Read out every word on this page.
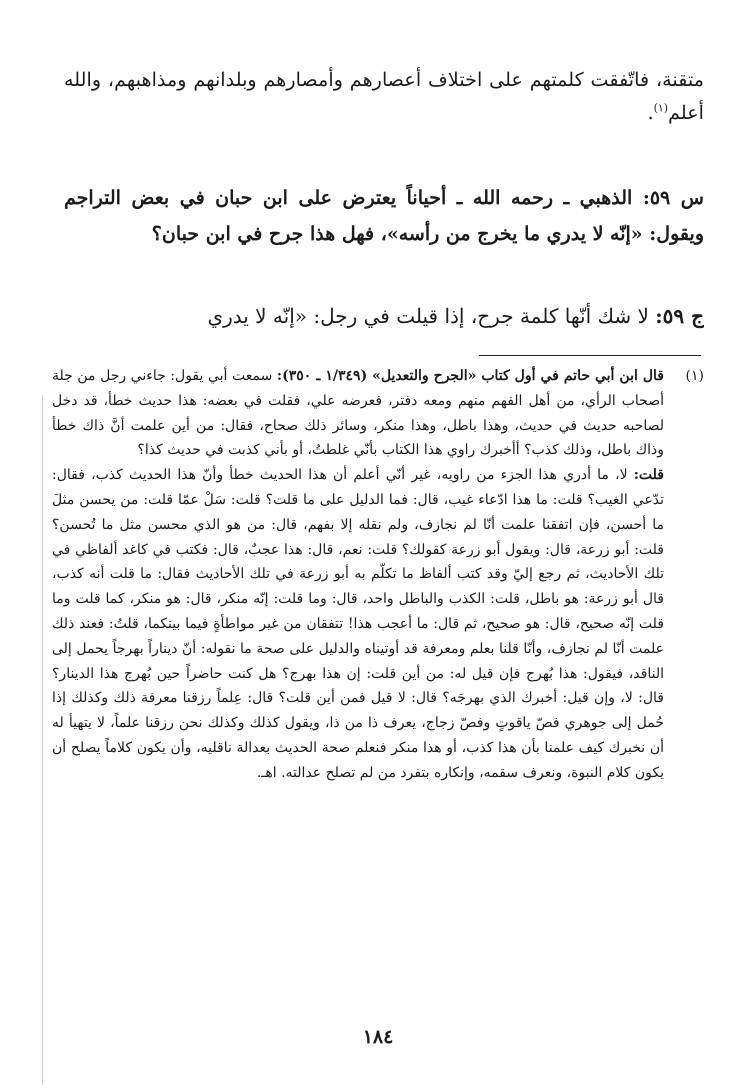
متقنة، فاتّفقت كلمتهم على اختلاف أعصارهم وأمصارهم وبلدانهم ومذاهبهم، والله أعلم$^{(١)}$.

س ٥٩: الذهبي ـ رحمه الله ـ أحياناً يعترض على ابن حبان في بعض التراجم ويقول: «إنّه لا يدري ما يخرج من رأسه»، فهل هذا جرح في ابن حبان؟

ج ٥٩: لا شك أنّها كلمة جرح، إذا قيلت في رجل: «إنّه لا يدري

(١)

قال ابن أبي حاتم في أول كتاب «الجرح والتعديل» (١/٣٤٩ ـ ٣٥٠): سمعت أبي يقول: جاءني رجل من جلة أصحاب الرأي، من أهل الفهم منهم ومعه دفتر، فعرضه علي، فقلت في بعضه: هذا حديث خطأ، قد دخل لصاحبه حديث في حديث، وهذا باطل، وهذا منكر، وسائر ذلك صحاح، فقال: من أين علمت أنَّ ذاك خطأ وذاك باطل، وذلك كذب؟ أأخبرك راوي هذا الكتاب بأنّي غلطتُ، أو بأني كذبت في حديث كذا؟

قلت: لا، ما أدري هذا الجزء من راويه، غير أنّي أعلم أن هذا الحديث خطأ وأنّ هذا الحديث كذب، فقال: تدّعي الغيب؟ قلت: ما هذا ادّعاء غيب، قال: فما الدليل على ما قلت؟ قلت: سَلْ عمّا قلت: من يحسن مثلَ ما أحسن، فإن اتفقنا علمت أنّا لم نجازف، ولم نقله إلا بفهم، قال: من هو الذي محسن مثل ما تُحسن؟ قلت: أبو زرعة، قال: ويقول أبو زرعة كقولك؟ قلت: نعم، قال: هذا عجبٌ، قال: فكتب في كاغد ألفاظي في تلك الأحاديث، ثم رجع إليّ وقد كتب ألفاظ ما تكلّم به أبو زرعة في تلك الأحاديث فقال: ما قلت أنه كذب، قال أبو زرعة: هو باطل، قلت: الكذب والباطل واحد، قال: وما قلت: إنّه منكر، قال: هو منكر، كما قلت وما قلت إنّه صحيح، قال: هو صحيح، ثم قال: ما أعجب هذا! تتفقان من غير مواطأةٍ فيما بينكما، قلتُ: فعند ذلك علمت أنّا لم نجازف، وأنّا قلنا بعلم ومعرفة قد أوتيناه والدليل على صحة ما نقوله: أنّ ديناراً بهرجاً يحمل إلى الناقد، فيقول: هذا بُهرج فإن قيل له: من أين قلت: إن هذا بهرج؟ هل كنت حاضراً حين بُهرج هذا الدينار؟ قال: لا، وإن قيل: أخبرك الذي بهرجَه؟ قال: لا قيل فمن أين قلت؟ قال: عِلماً رزقنا معرفة ذلك وكذلك إذا حُمل إلى جوهري فصّ ياقوتٍ وفصّ زجاج، يعرف ذا من ذا، ويقول كذلك وكذلك نحن رزقنا علماً، لا يتهيأ له أن نخبرك كيف علمنا بأن هذا كذب، أو هذا منكر فنعلم صحة الحديث بعدالة ناقليه، وأن يكون كلاماً يصلح أن يكون كلام النبوة، ونعرف سقمه، وإنكاره بتفرد من لم تصلح عدالته. اهـ.

١٨٤
